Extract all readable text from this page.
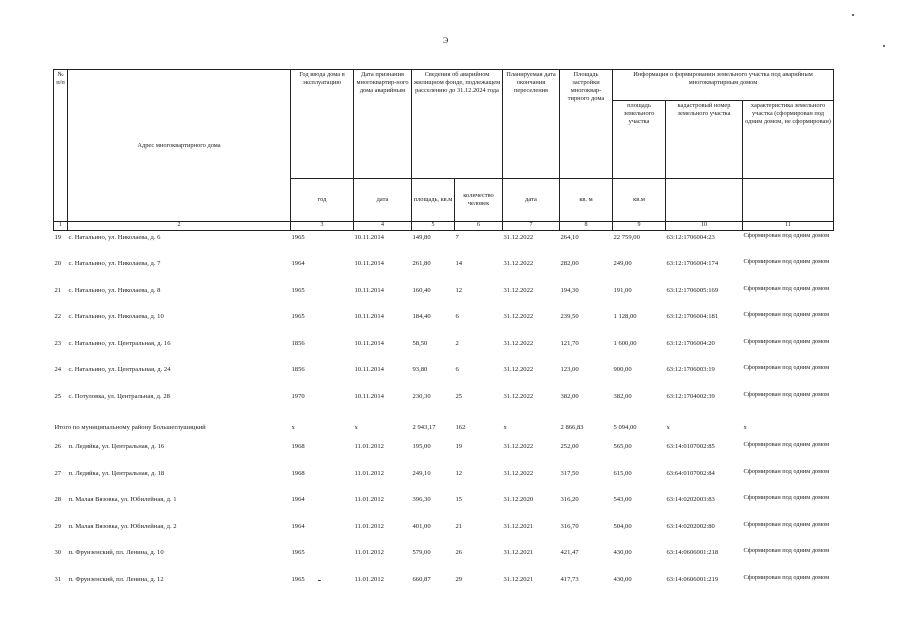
Э
№ п/п	Адрес многоквартирного дома	Год ввода дома в эксплуатацию	Дата признания многоквартир-ного дома аварийным	Сведения об аварийном жилищном фонде, подлежащем расселению до 31.12.2024 года		Планируемая дата окончания переселения	Площадь застройки многоквар-тирного дома	Информация о формировании земельного участка под аварийным многоквартирным домом		
								площадь земельного участка	кадастровый номер земельного участка	характеристика земельного участка (сформирован под одним домом, не сформирован)
		год	дата	площадь, кв.м	количество человек	дата	кв. м	кв.м		
1	2	3	4	5	6	7	8	9	10	11
19	с. Натальино, ул. Николаева, д. 6	1965	10.11.2014	149,80	7	31.12.2022	264,10	22 759,00	63:12:1706004:23	Сформирован под одним домом
20	с. Натальино, ул. Николаева, д. 7	1964	10.11.2014	261,80	14	31.12.2022	282,00	249,00	63:12:1706004:174	Сформирован под одним домом
21	с. Натальино, ул. Николаева, д. 8	1965	10.11.2014	160,40	12	31.12.2022	194,30	191,00	63:12:1706005:169	Сформирован под одним домом
22	с. Натальино, ул. Николаева, д. 10	1965	10.11.2014	184,40	6	31.12.2022	239,50	1 128,00	63:12:1706004:181	Сформирован под одним домом
23	с. Натальино, ул. Центральная, д. 16	1856	10.11.2014	58,50	2	31.12.2022	121,70	1 600,00	63:12:1706004:20	Сформирован под одним домом
24	с. Натальино, ул. Центральная, д. 24	1856	10.11.2014	93,80	6	31.12.2022	123,00	900,00	63:12:1706003:19	Сформирован под одним домом
25	с. Потуловка, ул. Центральная, д. 28	1970	10.11.2014	230,30	25	31.12.2022	382,00	382,00	63:12:1704002:39	Сформирован под одним домом
Итого по муниципальному району Большеглушицкий		х	х	2 943,17	162	х	2 866,83	5 094,00	х	х
26	п. Ледяйка, ул. Центральная, д. 16	1968	11.01.2012	195,00	19	31.12.2022	252,00	565,00	63:14:0107002:85	Сформирован под одним домом
27	п. Ледяйка, ул. Центральная, д. 18	1968	11.01.2012	249,10	12	31.12.2022	317,50	615,00	63:64:0107002:84	Сформирован под одним домом
28	п. Малая Вязовка, ул. Юбилейная, д. 1	1964	11.01.2012	396,30	15	31.12.2020	316,20	543,00	63:14:0202003:83	Сформирован под одним домом
29	п. Малая Вязовка, ул. Юбилейная, д. 2	1964	11.01.2012	401,00	21	31.12.2021	316,70	504,00	63:14:0202002:80	Сформирован под одним домом
30	п. Фрунзенский, пл. Ленина, д. 10	1965	11.01.2012	579,00	26	31.12.2021	421,47	430,00	63:14:0606001:218	Сформирован под одним домом
31	п. Фрунзенский, пл. Ленина, д. 12	1965	11.01.2012	660,87	29	31.12.2021	417,73	430,00	63:14:0606001:219	Сформирован под одним домом
